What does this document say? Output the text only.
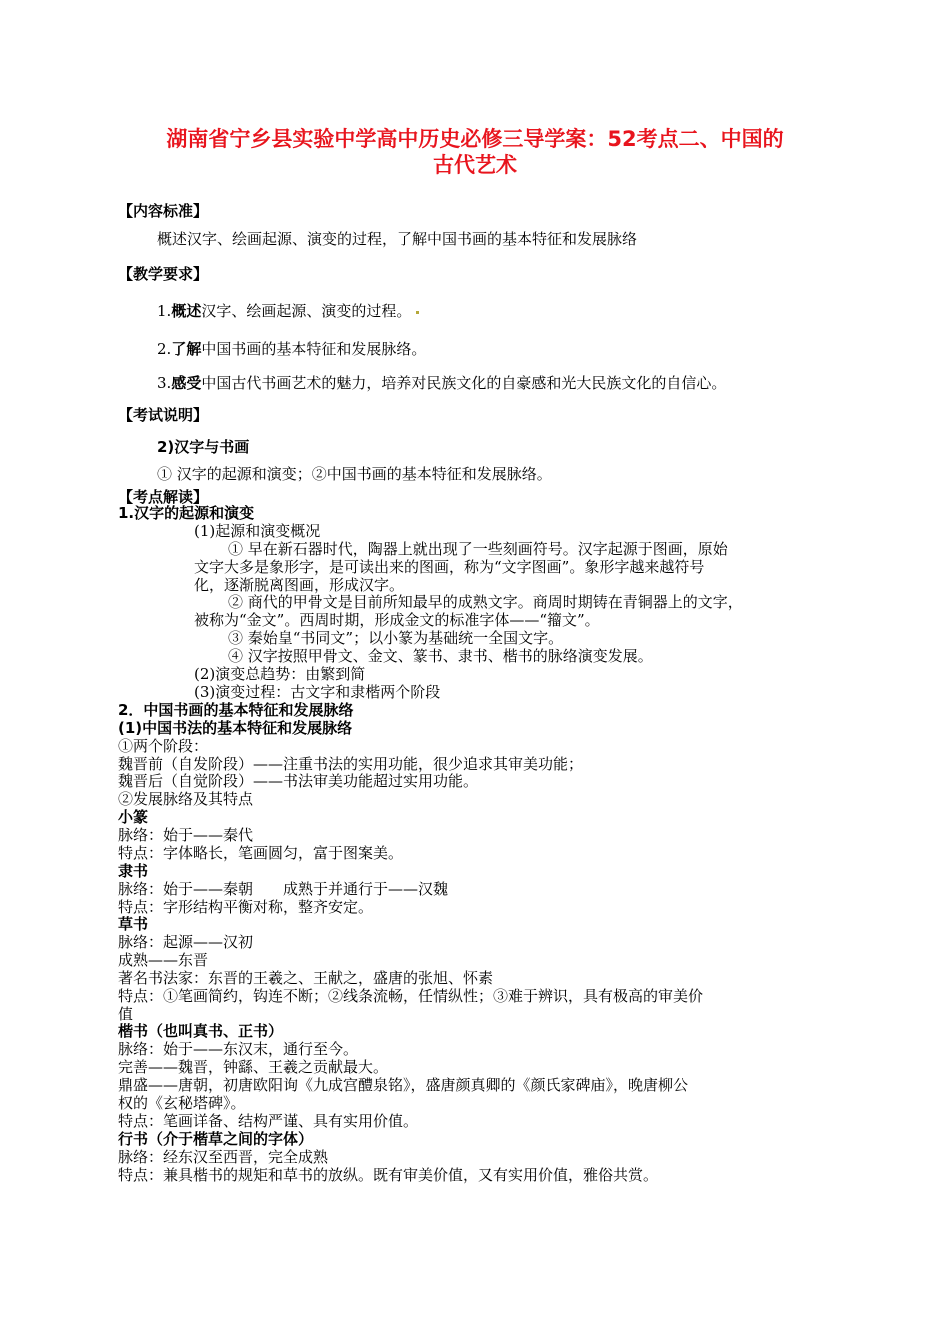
湖南省宁乡县实验中学高中历史必修三导学案：52考点二、中国的
古代艺术
【内容标准】
概述汉字、绘画起源、演变的过程，了解中国书画的基本特征和发展脉络
【教学要求】
1.概述汉字、绘画起源、演变的过程。
2.了解中国书画的基本特征和发展脉络。
3.感受中国古代书画艺术的魅力，培养对民族文化的自豪感和光大民族文化的自信心。
【考试说明】
2)汉字与书画
① 汉字的起源和演变；②中国书画的基本特征和发展脉络。
【考点解读】
1.汉字的起源和演变
(1)起源和演变概况
① 早在新石器时代，陶器上就出现了一些刻画符号。汉字起源于图画，原始
文字大多是象形字，是可读出来的图画，称为“文字图画”。象形字越来越符号
化，逐渐脱离图画，形成汉字。
② 商代的甲骨文是目前所知最早的成熟文字。商周时期铸在青铜器上的文字，
被称为“金文”。西周时期，形成金文的标准字体——“籀文”。
③ 秦始皇“书同文”；以小篆为基础统一全国文字。
④ 汉字按照甲骨文、金文、篆书、隶书、楷书的脉络演变发展。
(2)演变总趋势：由繁到简
(3)演变过程：古文字和隶楷两个阶段
2．中国书画的基本特征和发展脉络
(1)中国书法的基本特征和发展脉络
①两个阶段：
魏晋前（自发阶段）——注重书法的实用功能，很少追求其审美功能；
魏晋后（自觉阶段）——书法审美功能超过实用功能。
②发展脉络及其特点
小篆
脉络：始于——秦代
特点：字体略长，笔画圆匀，富于图案美。
隶书
脉络：始于——秦朝　　成熟于并通行于——汉魏
特点：字形结构平衡对称，整齐安定。
草书
脉络：起源——汉初
成熟——东晋
著名书法家：东晋的王羲之、王献之，盛唐的张旭、怀素
特点：①笔画简约，钩连不断；②线条流畅，任情纵性；③难于辨识，具有极高的审美价
值
楷书（也叫真书、正书）
脉络：始于——东汉末，通行至今。
完善——魏晋，钟繇、王羲之贡献最大。
鼎盛——唐朝，初唐欧阳询《九成宫醴泉铭》，盛唐颜真卿的《颜氏家碑庙》，晚唐柳公
权的《玄秘塔碑》。
特点：笔画详备、结构严谨、具有实用价值。
行书（介于楷草之间的字体）
脉络：经东汉至西晋，完全成熟
特点：兼具楷书的规矩和草书的放纵。既有审美价值，又有实用价值，雅俗共赏。
